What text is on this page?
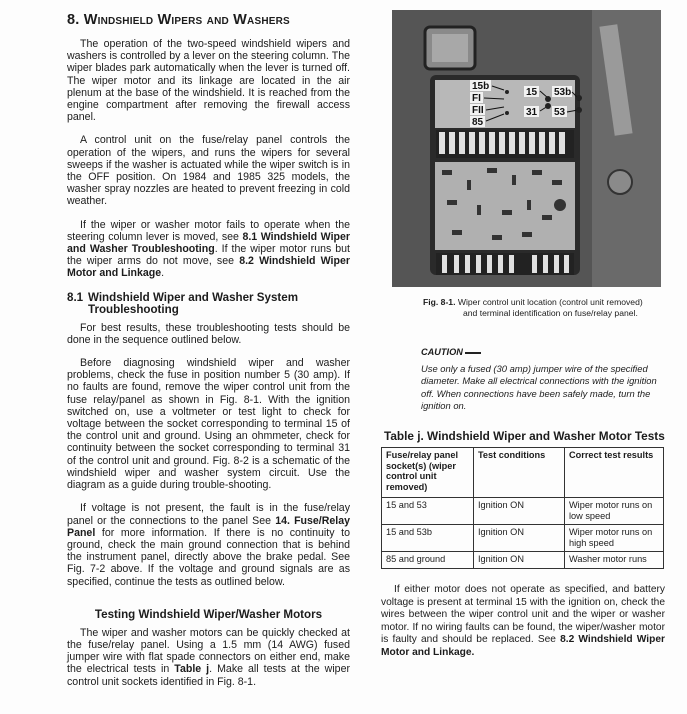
8. Windshield Wipers and Washers

The operation of the two-speed windshield wipers and washers is controlled by a lever on the steering column. The wiper blades park automatically when the lever is turned off. The wiper motor and its linkage are located in the air plenum at the base of the windshield. It is reached from the engine compartment after removing the firewall access panel.

A control unit on the fuse/relay panel controls the operation of the wipers, and runs the wipers for several sweeps if the washer is actuated while the wiper switch is in the OFF position. On 1984 and 1985 325 models, the washer spray nozzles are heated to prevent freezing in cold weather.

If the wiper or washer motor fails to operate when the steering column lever is moved, see 8.1 Windshield Wiper and Washer Troubleshooting. If the wiper motor runs but the wiper arms do not move, see 8.2 Windshield Wiper Motor and Linkage.

8.1 Windshield Wiper and Washer System
Troubleshooting

For best results, these troubleshooting tests should be done in the sequence outlined below.

Before diagnosing windshield wiper and washer problems, check the fuse in position number 5 (30 amp). If no faults are found, remove the wiper control unit from the fuse relay/panel as shown in Fig. 8-1. With the ignition switched on, use a voltmeter or test light to check for voltage between the socket corresponding to terminal 15 of the control unit and ground. Using an ohmmeter, check for continuity between the socket corresponding to terminal 31 of the control unit and ground. Fig. 8-2 is a schematic of the windshield wiper and washer system circuit. Use the diagram as a guide during trouble-shooting.

If voltage is not present, the fault is in the fuse/relay panel or the connections to the panel See 14. Fuse/Relay Panel for more information. If there is no continuity to ground, check the main ground connection that is behind the instrument panel, directly above the brake pedal. See Fig. 7-2 above. If the voltage and ground signals are as specified, continue the tests as outlined below.

Testing Windshield Wiper/Washer Motors

The wiper and washer motors can be quickly checked at the fuse/relay panel. Using a 1.5 mm (14 AWG) fused jumper wire with flat spade connectors on either end, make the electrical tests in Table j. Make all tests at the wiper control unit sockets identified in Fig. 8-1.

15b
FI
FII
85
15 53b
31 53
Fig. 8-1. Wiper control unit location (control unit removed)
and terminal identification on fuse/relay panel.
CAUTION
Use only a fused (30 amp) jumper wire of the specified diameter. Make all electrical connections with the ignition off. When connections have been safely made, turn the ignition on.
Table j. Windshield Wiper and Washer Motor Tests
Fuse/relay panel socket(s) (wiper control unit removed)	Test conditions	Correct test results
15 and 53	Ignition ON	Wiper motor runs on low speed
15 and 53b	Ignition ON	Wiper motor runs on high speed
85 and ground	Ignition ON	Washer motor runs

If either motor does not operate as specified, and battery voltage is present at terminal 15 with the ignition on, check the wires between the wiper control unit and the wiper or washer motor. If no wiring faults can be found, the wiper/washer motor is faulty and should be replaced. See 8.2 Windshield Wiper Motor and Linkage.
